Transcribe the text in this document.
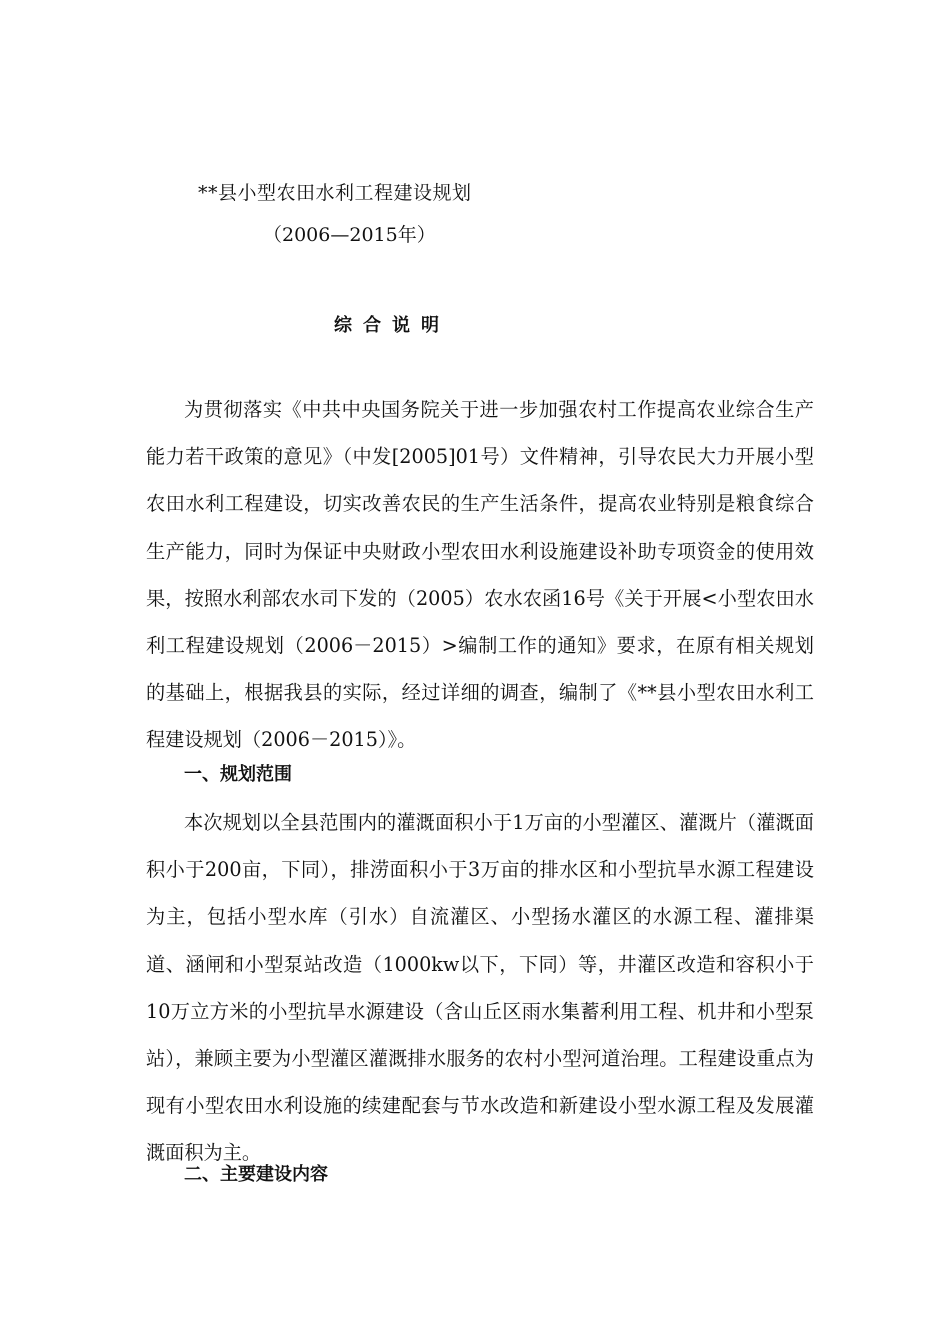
**县小型农田水利工程建设规划
（2006—2015年）
综合说明

为贯彻落实《中共中央国务院关于进一步加强农村工作提高农业综合生产能力若干政策的意见》（中发[2005]01号）文件精神，引导农民大力开展小型农田水利工程建设，切实改善农民的生产生活条件，提高农业特别是粮食综合生产能力，同时为保证中央财政小型农田水利设施建设补助专项资金的使用效果，按照水利部农水司下发的（2005）农水农函16号《关于开展<小型农田水利工程建设规划（2006－2015）>编制工作的通知》要求，在原有相关规划的基础上，根据我县的实际，经过详细的调查，编制了《**县小型农田水利工程建设规划（2006－2015）》。

一、规划范围

本次规划以全县范围内的灌溉面积小于1万亩的小型灌区、灌溉片（灌溉面积小于200亩，下同），排涝面积小于3万亩的排水区和小型抗旱水源工程建设为主，包括小型水库（引水）自流灌区、小型扬水灌区的水源工程、灌排渠道、涵闸和小型泵站改造（1000kw以下，下同）等，井灌区改造和容积小于10万立方米的小型抗旱水源建设（含山丘区雨水集蓄利用工程、机井和小型泵站），兼顾主要为小型灌区灌溉排水服务的农村小型河道治理。工程建设重点为现有小型农田水利设施的续建配套与节水改造和新建设小型水源工程及发展灌溉面积为主。

二、主要建设内容
